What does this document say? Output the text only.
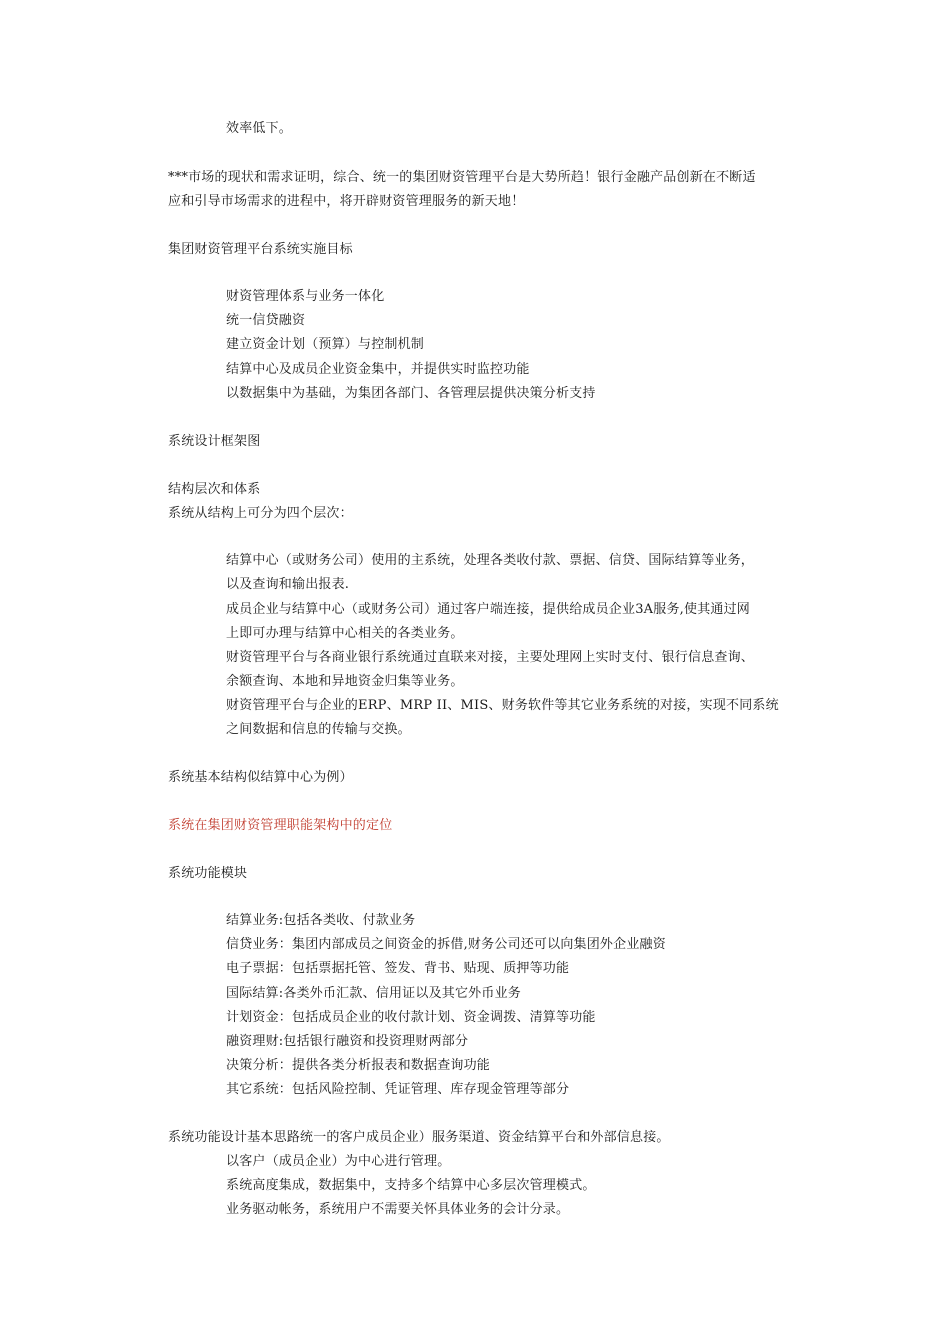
效率低下。
***市场的现状和需求证明，综合、统一的集团财资管理平台是大势所趋！银行金融产品创新在不断适
应和引导市场需求的进程中，将开辟财资管理服务的新天地！
集团财资管理平台系统实施目标
财资管理体系与业务一体化
统一信贷融资
建立资金计划（预算）与控制机制
结算中心及成员企业资金集中，并提供实时监控功能
以数据集中为基础，为集团各部门、各管理层提供决策分析支持
系统设计框架图
结构层次和体系
系统从结构上可分为四个层次：
结算中心（或财务公司）使用的主系统，处理各类收付款、票据、信贷、国际结算等业务，
以及查询和输出报表.
成员企业与结算中心（或财务公司）通过客户端连接，提供给成员企业3A服务,使其通过网
上即可办理与结算中心相关的各类业务。
财资管理平台与各商业银行系统通过直联来对接，主要处理网上实时支付、银行信息查询、
余额查询、本地和异地资金归集等业务。
财资管理平台与企业的ERP、MRP II、MIS、财务软件等其它业务系统的对接，实现不同系统
之间数据和信息的传输与交换。
系统基本结构似结算中心为例）
系统在集团财资管理职能架构中的定位
系统功能模块
结算业务:包括各类收、付款业务
信贷业务：集团内部成员之间资金的拆借,财务公司还可以向集团外企业融资
电子票据：包括票据托管、签发、背书、贴现、质押等功能
国际结算:各类外币汇款、信用证以及其它外币业务
计划资金：包括成员企业的收付款计划、资金调拨、清算等功能
融资理财:包括银行融资和投资理财两部分
决策分析：提供各类分析报表和数据查询功能
其它系统：包括风险控制、凭证管理、库存现金管理等部分
系统功能设计基本思路统一的客户成员企业）服务渠道、资金结算平台和外部信息接。
以客户（成员企业）为中心进行管理。
系统高度集成，数据集中，支持多个结算中心多层次管理模式。
业务驱动帐务，系统用户不需要关怀具体业务的会计分录。
